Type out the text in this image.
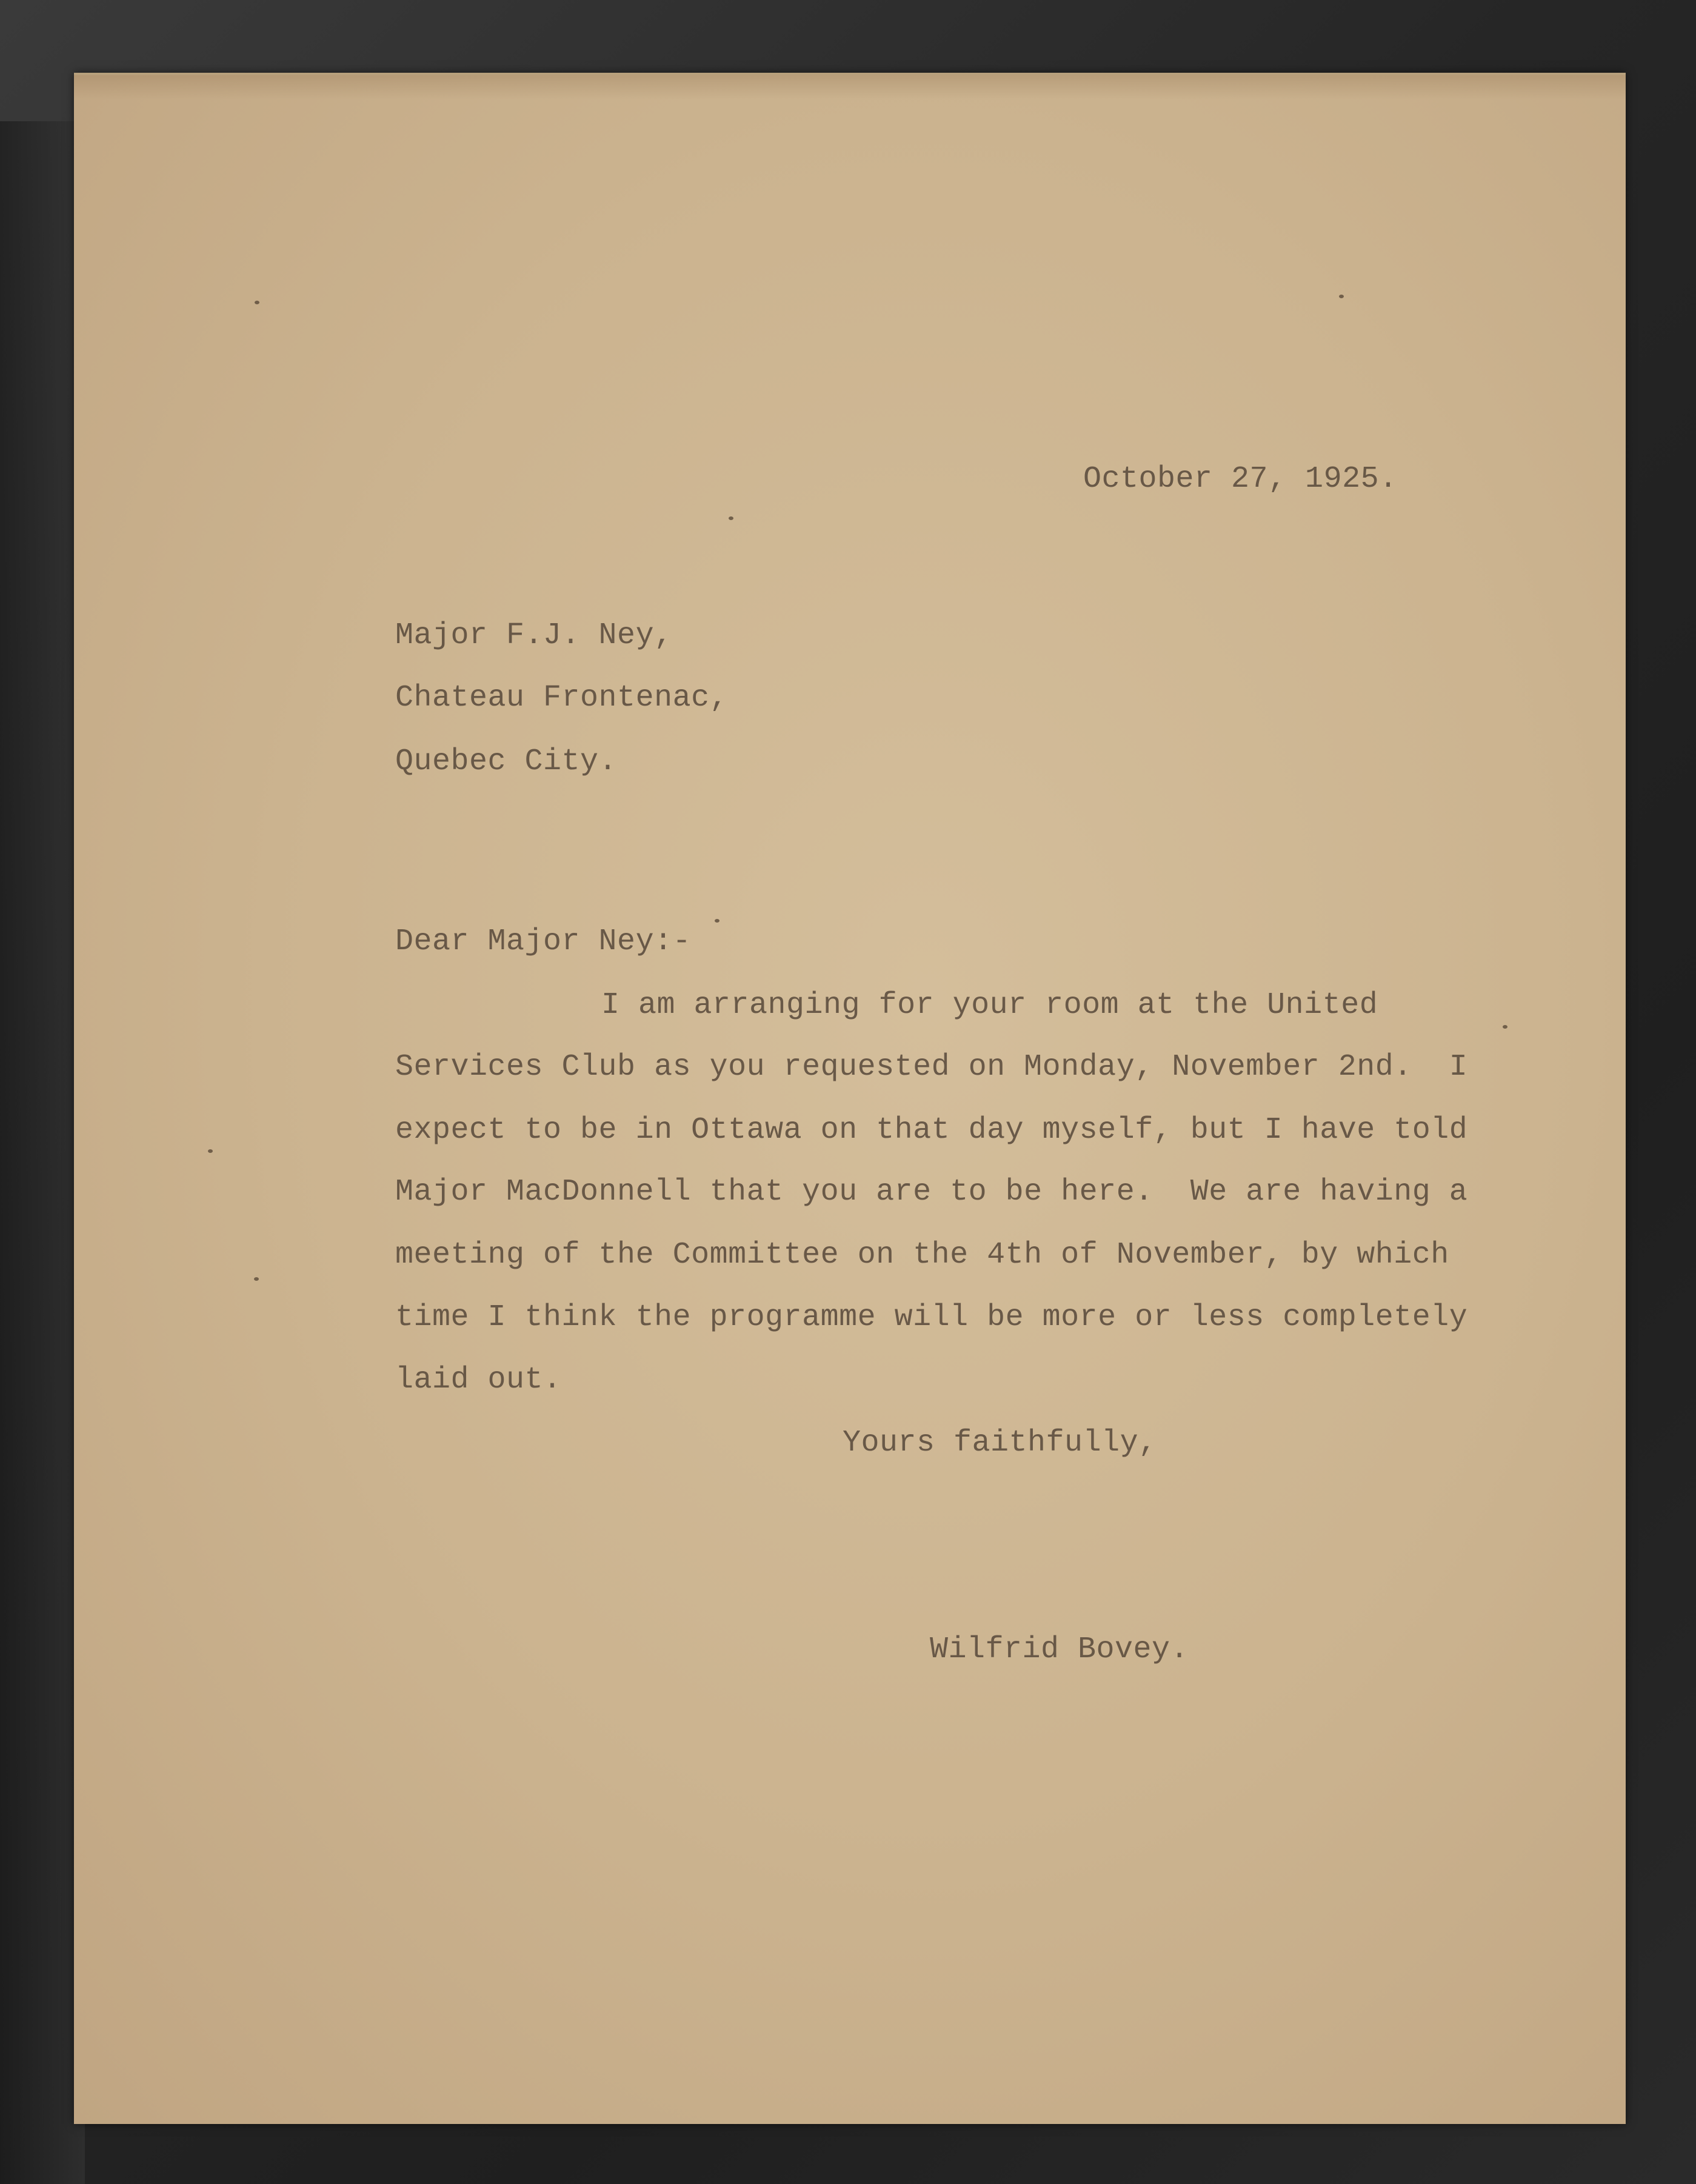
October 27, 1925.
Major F.J. Ney,
Chateau Frontenac,
Quebec City.
Dear Major Ney:-
I am arranging for your room at the United
Services Club as you requested on Monday, November 2nd.  I
expect to be in Ottawa on that day myself, but I have told
Major MacDonnell that you are to be here.  We are having a
meeting of the Committee on the 4th of November, by which
time I think the programme will be more or less completely
laid out.
Yours faithfully,
Wilfrid Bovey.
